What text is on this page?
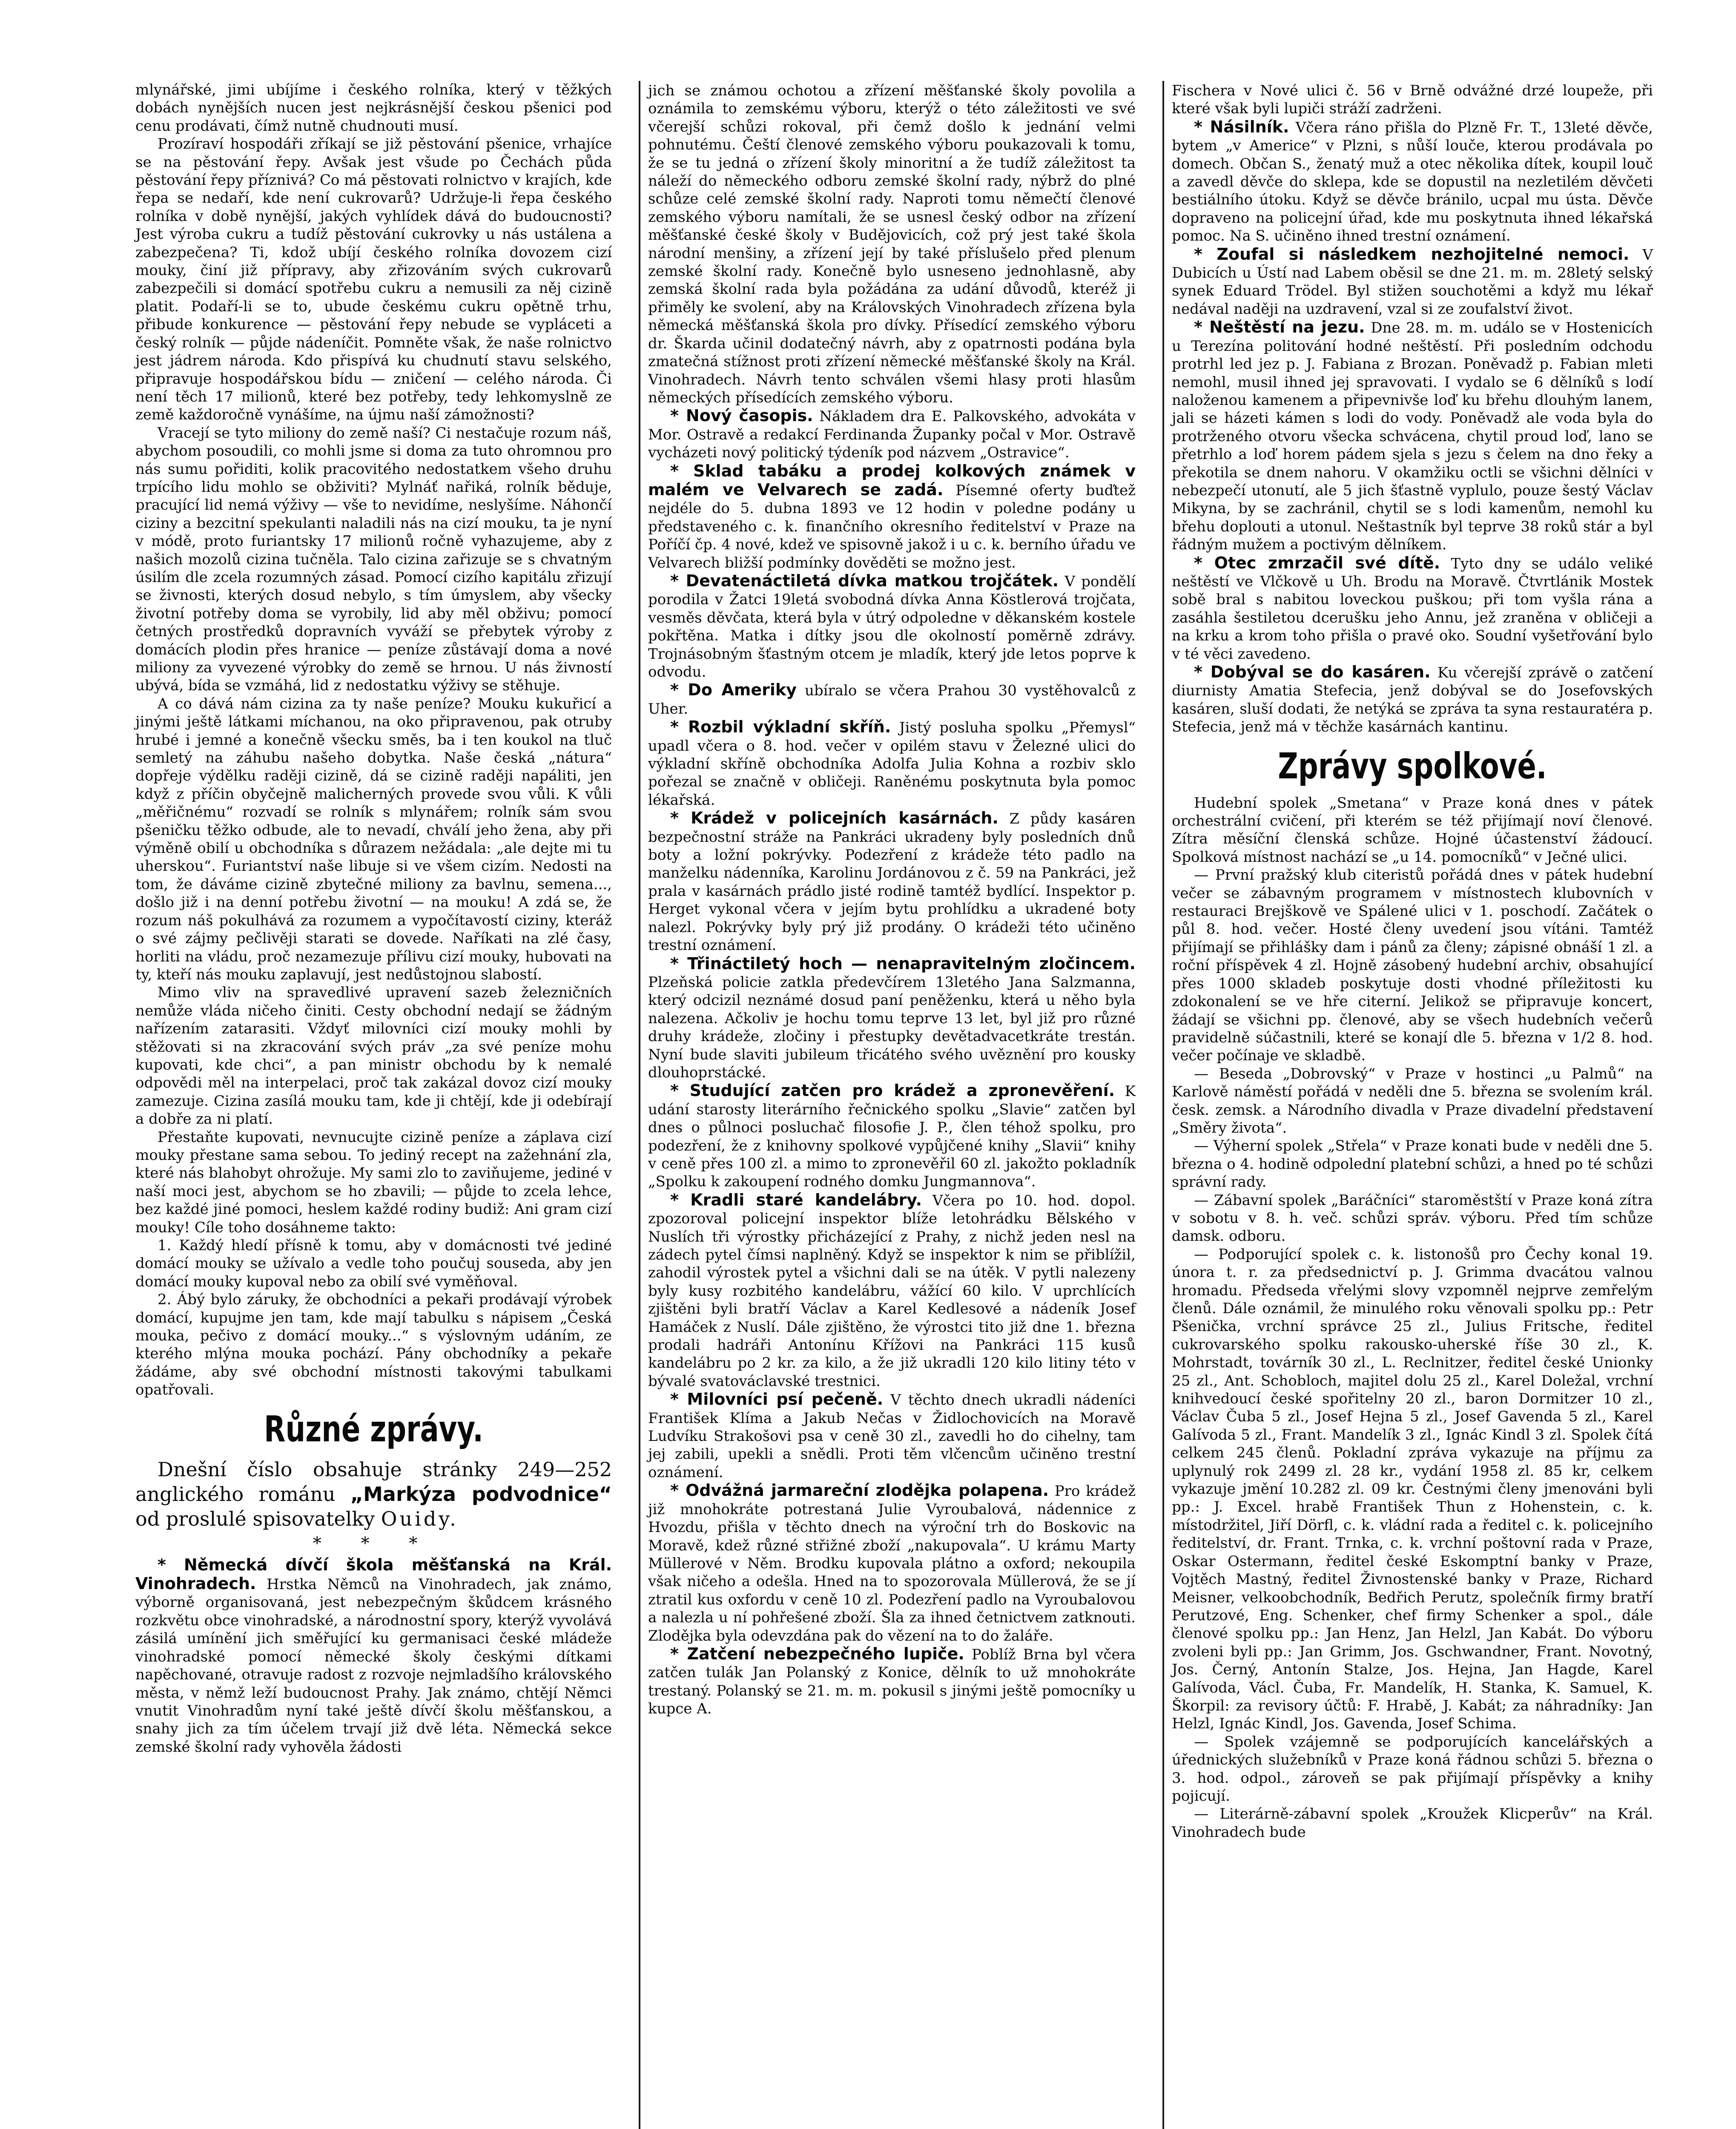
mlynářské, jimi ubíjíme i českého rolníka, který v těžkých dobách nynějších nucen jest nejkrásnější českou pšenici pod cenu prodávati, čímž nutně chudnouti musí.

Prozíraví hospodáři zříkají se již pěstování pšenice, vrhajíce se na pěstování řepy. Avšak jest všude po Čechách půda pěstování řepy příznivá? Co má pěstovati rolnictvo v krajích, kde řepa se nedaří, kde není cukrovarů? Udržuje-li řepa českého rolníka v době nynější, jakých vyhlídek dává do budoucnosti? Jest výroba cukru a tudíž pěstování cukrovky u nás ustálena a zabezpečena? Ti, kdož ubíjí českého rolníka dovozem cizí mouky, činí již přípravy, aby zřizováním svých cukrovarů zabezpečili si domácí spotřebu cukru a nemusili za něj cizině platit. Podaří-li se to, ubude českému cukru opětně trhu, přibude konkurence — pěstování řepy nebude se vypláceti a český rolník — půjde nádeníčit. Pomněte však, že naše rolnictvo jest jádrem národa. Kdo přispívá ku chudnutí stavu selského, připravuje hospodářskou bídu — zničení — celého národa. Či není těch 17 milionů, které bez potřeby, tedy lehkomyslně ze země každoročně vynášíme, na újmu naší zámožnosti?

Vracejí se tyto miliony do země naší? Ci nestačuje rozum náš, abychom posoudili, co mohli jsme si doma za tuto ohromnou pro nás sumu pořiditi, kolik pracovitého nedostatkem všeho druhu trpícího lidu mohlo se obživiti? Mylnáť nařiká, rolník běduje, pracující lid nemá výživy — vše to nevidíme, neslyšíme. Náhončí ciziny a bezcitní spekulanti naladili nás na cizí mouku, ta je nyní v módě, proto furiantsky 17 milionů ročně vyhazujeme, aby z našich mozolů cizina tučněla. Talo cizina zařizuje se s chvatným úsilím dle zcela rozumných zásad. Pomocí cizího kapitálu zřizují se živnosti, kterých dosud nebylo, s tím úmyslem, aby všecky životní potřeby doma se vyrobily, lid aby měl obživu; pomocí četných prostředků dopravních vyváží se přebytek výroby z domácích plodin přes hranice — peníze zůstávají doma a nové miliony za vyvezené výrobky do země se hrnou. U nás živností ubývá, bída se vzmáhá, lid z nedostatku výživy se stěhuje.

A co dává nám cizina za ty naše peníze? Mouku kukuřicí a jinými ještě látkami míchanou, na oko připravenou, pak otruby hrubé i jemné a konečně všecku směs, ba i ten koukol na tluč semletý na záhubu našeho dobytka. Naše česká „nátura“ dopřeje výdělku raději cizině, dá se cizině raději napáliti, jen když z příčin obyčejně malicherných provede svou vůli. K vůli „měřičnému“ rozvadí se rolník s mlynářem; rolník sám svou pšeničku těžko odbude, ale to nevadí, chválí jeho žena, aby při výměně obilí u obchodníka s důrazem nežádala: „ale dejte mi tu uherskou“. Furiantství naše libuje si ve všem cizím. Nedosti na tom, že dáváme cizině zbytečné miliony za bavlnu, semena..., došlo již i na denní potřebu životní — na mouku! A zdá se, že rozum náš pokulhává za rozumem a vypočítavostí ciziny, kteráž o své zájmy pečlivěji starati se dovede. Naříkati na zlé časy, horliti na vládu, proč nezamezuje přílivu cizí mouky, hubovati na ty, kteří nás mouku zaplavují, jest nedůstojnou slabostí.

Mimo vliv na spravedlivé upravení sazeb železničních nemůže vláda ničeho činiti. Cesty obchodní nedají se žádným nařízením zatarasiti. Vždyť milovníci cizí mouky mohli by stěžovati si na zkracování svých práv „za své peníze mohu kupovati, kde chci“, a pan ministr obchodu by k nemalé odpovědi měl na interpelaci, proč tak zakázal dovoz cizí mouky zamezuje. Cizina zasílá mouku tam, kde ji chtějí, kde ji odebírají a dobře za ni platí.

Přestaňte kupovati, nevnucujte cizině peníze a záplava cizí mouky přestane sama sebou. To jediný recept na zažehnání zla, které nás blahobyt ohrožuje. My sami zlo to zaviňujeme, jediné v naší moci jest, abychom se ho zbavili; — půjde to zcela lehce, bez každé jiné pomoci, heslem každé rodiny budiž: Ani gram cizí mouky! Cíle toho dosáhneme takto:

1. Každý hledí přísně k tomu, aby v domácnosti tvé jediné domácí mouky se užívalo a vedle toho poučuj souseda, aby jen domácí mouky kupoval nebo za obilí své vyměňoval.

2. Ábý bylo záruky, že obchodníci a pekaři prodávají výrobek domácí, kupujme jen tam, kde mají tabulku s nápisem „Česká mouka, pečivo z domácí mouky...“ s výslovným udáním, ze kterého mlýna mouka pochází. Pány obchodníky a pekaře žádáme, aby své obchodní místnosti takovými tabulkami opatřovali.

Různé zprávy.

Dnešní číslo obsahuje stránky 249—252 anglického románu „Markýza podvodnice“ od proslulé spisovatelky Ouidy.

* * *

* Německá dívčí škola měšťanská na Král. Vinohradech. Hrstka Němců na Vinohradech, jak známo, výborně organisovaná, jest nebezpečným škůdcem krásného rozkvětu obce vinohradské, a národnostní spory, kterýž vyvolává zásilá umínění jich směřující ku germanisaci české mládeže vinohradské pomocí německé školy českými dítkami napěchované, otravuje radost z rozvoje nejmladšího královského města, v němž leží budoucnost Prahy. Jak známo, chtějí Němci vnutit Vinohradům nyní také ještě dívčí školu měšťanskou, a snahy jich za tím účelem trvají již dvě léta. Německá sekce zemské školní rady vyhověla žádosti

jich se známou ochotou a zřízení měšťanské školy povolila a oznámila to zemskému výboru, kterýž o této záležitosti ve své včerejší schůzi rokoval, při čemž došlo k jednání velmi pohnutému. Čeští členové zemského výboru poukazovali k tomu, že se tu jedná o zřízení školy minoritní a že tudíž záležitost ta náleží do německého odboru zemské školní rady, nýbrž do plné schůze celé zemské školní rady. Naproti tomu němečtí členové zemského výboru namítali, že se usnesl český odbor na zřízení měšťanské české školy v Budějovicích, což prý jest také škola národní menšiny, a zřízení její by také příslušelo před plenum zemské školní rady. Konečně bylo usneseno jednohlasně, aby zemská školní rada byla požádána za udání důvodů, kteréž ji přiměly ke svolení, aby na Královských Vinohradech zřízena byla německá měšťanská škola pro dívky. Přísedící zemského výboru dr. Škarda učinil dodatečný návrh, aby z opatrnosti podána byla zmatečná stížnost proti zřízení německé měšťanské školy na Král. Vinohradech. Návrh tento schválen všemi hlasy proti hlasům německých přísedících zemského výboru.

* Nový časopis. Nákladem dra E. Palkovského, advokáta v Mor. Ostravě a redakcí Ferdinanda Županky počal v Mor. Ostravě vycházeti nový politický týdeník pod názvem „Ostravice“.

* Sklad tabáku a prodej kolkových známek v malém ve Velvarech se zadá. Písemné oferty buďtež nejdéle do 5. dubna 1893 ve 12 hodin v poledne podány u představeného c. k. finančního okresního ředitelství v Praze na Poříčí čp. 4 nové, kdež ve spisovně jakož i u c. k. berního úřadu ve Velvarech bližší podmínky dověděti se možno jest.

* Devatenáctiletá dívka matkou trojčátek. V pondělí porodila v Žatci 19letá svobodná dívka Anna Köstlerová trojčata, vesměs děvčata, která byla v útrý odpoledne v děkanském kostele pokřtěna. Matka i dítky jsou dle okolností poměrně zdrávy. Trojnásobným šťastným otcem je mladík, který jde letos poprve k odvodu.

* Do Ameriky ubíralo se včera Prahou 30 vystěhovalců z Uher.

* Rozbil výkladní skříň. Jistý posluha spolku „Přemysl“ upadl včera o 8. hod. večer v opilém stavu v Železné ulici do výkladní skříně obchodníka Adolfa Julia Kohna a rozbiv sklo pořezal se značně v obličeji. Raněnému poskytnuta byla pomoc lékařská.

* Krádež v policejních kasárnách. Z půdy kasáren bezpečnostní stráže na Pankráci ukradeny byly posledních dnů boty a ložní pokrývky. Podezření z krádeže této padlo na manželku nádenníka, Karolinu Jordánovou z č. 59 na Pankráci, jež prala v kasárnách prádlo jisté rodině tamtéž bydlící. Inspektor p. Herget vykonal včera v jejím bytu prohlídku a ukradené boty nalezl. Pokrývky byly prý již prodány. O krádeži této učiněno trestní oznámení.

* Třináctiletý hoch — nenapravitelným zločincem. Plzeňská policie zatkla předevčírem 13letého Jana Salzmanna, který odcizil neznámé dosud paní peněženku, která u něho byla nalezena. Ačkoliv je hochu tomu teprve 13 let, byl již pro různé druhy krádeže, zločiny i přestupky devětadvacetkráte trestán. Nyní bude slaviti jubileum třicátého svého uvěznění pro kousky dlouhoprstácké.

* Studující zatčen pro krádež a zpronevěření. K udání starosty literárního řečnického spolku „Slavie“ zatčen byl dnes o půlnoci posluchač filosofie J. P., člen téhož spolku, pro podezření, že z knihovny spolkové vypůjčené knihy „Slavii“ knihy v ceně přes 100 zl. a mimo to zpronevěřil 60 zl. jakožto pokladník „Spolku k zakoupení rodného domku Jungmannova“.

* Kradli staré kandelábry. Včera po 10. hod. dopol. zpozoroval policejní inspektor blíže letohrádku Bělského v Nuslích tři výrostky přicházející z Prahy, z nichž jeden nesl na zádech pytel čímsi naplněný. Když se inspektor k nim se přiblížil, zahodil výrostek pytel a všichni dali se na útěk. V pytli nalezeny byly kusy rozbitého kandelábru, vážící 60 kilo. V uprchlících zjištěni byli bratří Václav a Karel Kedlesové a nádeník Josef Hamáček z Nuslí. Dále zjištěno, že výrostci tito již dne 1. března prodali hadráři Antonínu Křížovi na Pankráci 115 kusů kandelábru po 2 kr. za kilo, a že již ukradli 120 kilo litiny této v bývalé svatováclavské trestnici.

* Milovníci psí pečeně. V těchto dnech ukradli nádeníci František Klíma a Jakub Nečas v Židlochovicích na Moravě Ludvíku Strakošovi psa v ceně 30 zl., zavedli ho do cihelny, tam jej zabili, upekli a snědli. Proti těm vlčencům učiněno trestní oznámení.

* Odvážná jarmareční zlodějka polapena. Pro krádež již mnohokráte potrestaná Julie Vyroubalová, nádennice z Hvozdu, přišla v těchto dnech na výroční trh do Boskovic na Moravě, kdež různé střižné zboží „nakupovala“. U krámu Marty Müllerové v Něm. Brodku kupovala plátno a oxford; nekoupila však ničeho a odešla. Hned na to spozorovala Müllerová, že se jí ztratil kus oxfordu v ceně 10 zl. Podezření padlo na Vyroubalovou a nalezla u ní pohřešené zboží. Šla za ihned četnictvem zatknouti. Zlodějka byla odevzdána pak do vězení na to do žaláře.

* Zatčení nebezpečného lupiče. Poblíž Brna byl včera zatčen tulák Jan Polanský z Konice, dělník to už mnohokráte trestaný. Polanský se 21. m. m. pokusil s jinými ještě pomocníky u kupce A.

Fischera v Nové ulici č. 56 v Brně odvážné drzé loupeže, při které však byli lupiči stráží zadrženi.

* Násilník. Včera ráno přišla do Plzně Fr. T., 13leté děvče, bytem „v Americe“ v Plzni, s nůší louče, kterou prodávala po domech. Občan S., ženatý muž a otec několika dítek, koupil louč a zavedl děvče do sklepa, kde se dopustil na nezletilém děvčeti bestiálního útoku. Když se děvče bránilo, ucpal mu ústa. Děvče dopraveno na policejní úřad, kde mu poskytnuta ihned lékařská pomoc. Na S. učiněno ihned trestní oznámení.

* Zoufal si následkem nezhojitelné nemoci. V Dubicích u Ústí nad Labem oběsil se dne 21. m. m. 28letý selský synek Eduard Trödel. Byl stižen souchotěmi a když mu lékař nedával naději na uzdravení, vzal si ze zoufalství život.

* Neštěstí na jezu. Dne 28. m. m. událo se v Hostenicích u Terezína politování hodné neštěstí. Při posledním odchodu protrhl led jez p. J. Fabiana z Brozan. Poněvadž p. Fabian mleti nemohl, musil ihned jej spravovati. I vydalo se 6 dělníků s lodí naloženou kamenem a připevnivše loď ku břehu dlouhým lanem, jali se házeti kámen s lodi do vody. Poněvadž ale voda byla do protrženého otvoru všecka schvácena, chytil proud loď, lano se přetrhlo a loď horem pádem sjela s jezu s čelem na dno řeky a překotila se dnem nahoru. V okamžiku octli se všichni dělníci v nebezpečí utonutí, ale 5 jich šťastně vyplulo, pouze šestý Václav Mikyna, by se zachránil, chytil se s lodi kamenům, nemohl ku břehu doplouti a utonul. Neštastník byl teprve 38 roků stár a byl řádným mužem a poctivým dělníkem.

* Otec zmrzačil své dítě. Tyto dny se událo veliké neštěstí ve Vlčkově u Uh. Brodu na Moravě. Čtvrtlánik Mostek sobě bral s nabitou loveckou puškou; při tom vyšla rána a zasáhla šestiletou dcerušku jeho Annu, jež zraněna v obličeji a na krku a krom toho přišla o pravé oko. Soudní vyšetřování bylo v té věci zavedeno.

* Dobýval se do kasáren. Ku včerejší zprávě o zatčení diurnisty Amatia Stefecia, jenž dobýval se do Josefovských kasáren, sluší dodati, že netýká se zpráva ta syna restauratéra p. Stefecia, jenž má v těchže kasárnách kantinu.

Zprávy spolkové.

Hudební spolek „Smetana“ v Praze koná dnes v pátek orchestrální cvičení, při kterém se též přijímají noví členové. Zítra měsíční členská schůze. Hojné účastenství žádoucí. Spolková místnost nachází se „u 14. pomocníků“ v Ječné ulici.

— První pražský klub citeristů pořádá dnes v pátek hudební večer se zábavným programem v místnostech klubovních v restauraci Brejškově ve Spálené ulici v 1. poschodí. Začátek o půl 8. hod. večer. Hosté členy uvedení jsou vítáni. Tamtéž přijímají se přihlášky dam i pánů za členy; zápisné obnáší 1 zl. a roční příspěvek 4 zl. Hojně zásobený hudební archiv, obsahující přes 1000 skladeb poskytuje dosti vhodné příležitosti ku zdokonalení se ve hře citerní. Jelikož se připravuje koncert, žádají se všichni pp. členové, aby se všech hudebních večerů pravidelně súčastnili, které se konají dle 5. března v 1/2 8. hod. večer počínaje ve skladbě.

— Beseda „Dobrovský“ v Praze v hostinci „u Palmů“ na Karlově náměstí pořádá v neděli dne 5. března se svolením král. česk. zemsk. a Národního divadla v Praze divadelní představení „Směry života“.

— Výherní spolek „Střela“ v Praze konati bude v neděli dne 5. března o 4. hodině odpolední platební schůzi, a hned po té schůzi správní rady.

— Zábavní spolek „Baráčníci“ staroměstští v Praze koná zítra v sobotu v 8. h. več. schůzi správ. výboru. Před tím schůze damsk. odboru.

— Podporující spolek c. k. listonošů pro Čechy konal 19. února t. r. za předsednictví p. J. Grimma dvacátou valnou hromadu. Předseda vřelými slovy vzpomněl nejprve zemřelým členů. Dále oznámil, že minulého roku věnovali spolku pp.: Petr Pšenička, vrchní správce 25 zl., Julius Fritsche, ředitel cukrovarského spolku rakousko-uherské říše 30 zl., K. Mohrstadt, továrník 30 zl., L. Reclnitzer, ředitel české Unionky 25 zl., Ant. Schobloch, majitel dolu 25 zl., Karel Doležal, vrchní knihvedoucí české spořitelny 20 zl., baron Dormitzer 10 zl., Václav Čuba 5 zl., Josef Hejna 5 zl., Josef Gavenda 5 zl., Karel Galívoda 5 zl., Frant. Mandelík 3 zl., Ignác Kindl 3 zl. Spolek čítá celkem 245 členů. Pokladní zpráva vykazuje na příjmu za uplynulý rok 2499 zl. 28 kr., vydání 1958 zl. 85 kr, celkem vykazuje jmění 10.282 zl. 09 kr. Čestnými členy jmenováni byli pp.: J. Excel. hrabě František Thun z Hohenstein, c. k. místodržitel, Jiří Dörfl, c. k. vládní rada a ředitel c. k. policejního ředitelství, dr. Frant. Trnka, c. k. vrchní poštovní rada v Praze, Oskar Ostermann, ředitel české Eskomptní banky v Praze, Vojtěch Mastný, ředitel Živnostenské banky v Praze, Richard Meisner, velkoobchodník, Bedřich Perutz, společník firmy bratří Perutzové, Eng. Schenker, chef firmy Schenker a spol., dále členové spolku pp.: Jan Henz, Jan Helzl, Jan Kabát. Do výboru zvoleni byli pp.: Jan Grimm, Jos. Gschwandner, Frant. Novotný, Jos. Černý, Antonín Stalze, Jos. Hejna, Jan Hagde, Karel Galívoda, Václ. Čuba, Fr. Mandelík, H. Stanka, K. Samuel, K. Škorpil: za revisory účtů: F. Hrabě, J. Kabát; za náhradníky: Jan Helzl, Ignác Kindl, Jos. Gavenda, Josef Schima.

— Spolek vzájemně se podporujících kancelářských a úřednických služebníků v Praze koná řádnou schůzi 5. března o 3. hod. odpol., zároveň se pak přijímají příspěvky a knihy pojicují.

— Literárně-zábavní spolek „Kroužek Klicperův“ na Král. Vinohradech bude
